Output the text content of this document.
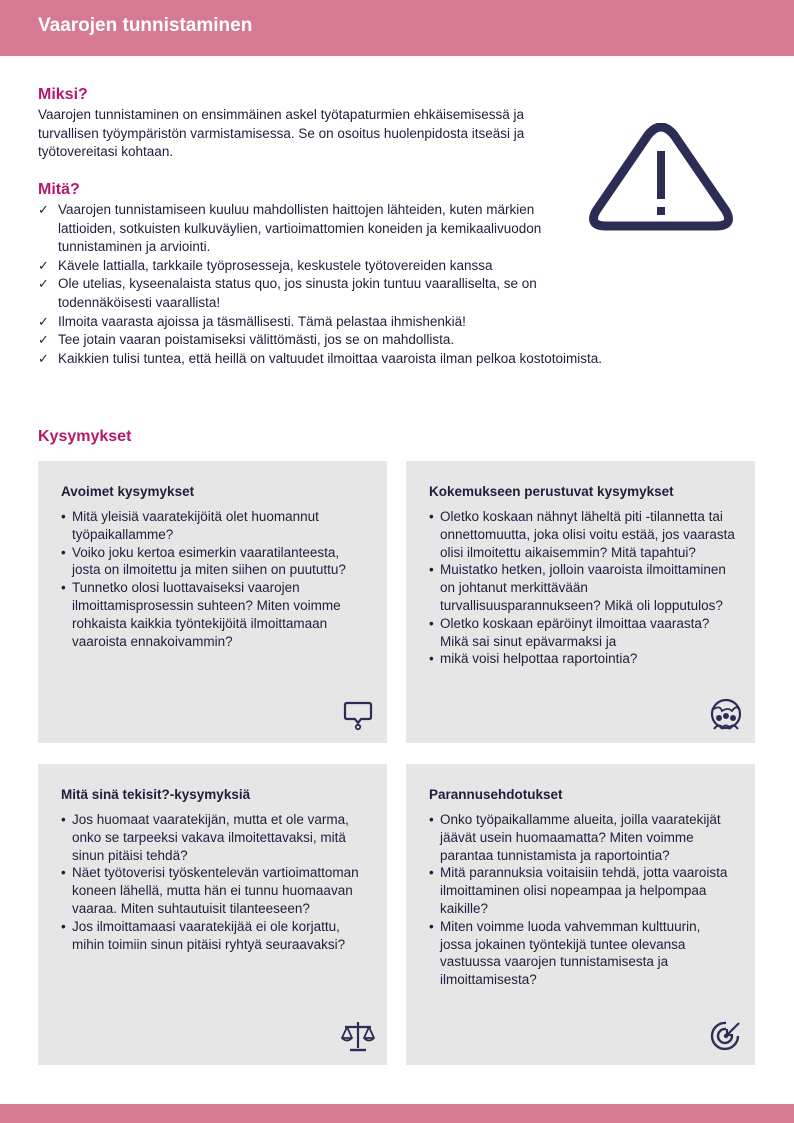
Vaarojen tunnistaminen
Miksi?

Vaarojen tunnistaminen on ensimmäinen askel työtapaturmien ehkäisemisessä ja turvallisen työympäristön varmistamisessa. Se on osoitus huolenpidosta itseäsi ja työtovereitasi kohtaan.

Mitä?
✓ Vaarojen tunnistamiseen kuuluu mahdollisten haittojen lähteiden, kuten märkien lattioiden, sotkuisten kulkuväylien, vartioimattomien koneiden ja kemikaalivuodon tunnistaminen ja arviointi.
✓ Kävele lattialla, tarkkaile työprosesseja, keskustele työtovereiden kanssa
✓ Ole utelias, kyseenalaista status quo, jos sinusta jokin tuntuu vaaralliselta, se on todennäköisesti vaarallista!
✓ Ilmoita vaarasta ajoissa ja täsmällisesti. Tämä pelastaa ihmishenkiä!
✓ Tee jotain vaaran poistamiseksi välittömästi, jos se on mahdollista.
✓ Kaikkien tulisi tuntea, että heillä on valtuudet ilmoittaa vaaroista ilman pelkoa kostotoimista.
Kysymykset
Avoimet kysymykset
• Mitä yleisiä vaaratekijöitä olet huomannut työpaikallamme?
• Voiko joku kertoa esimerkin vaaratilanteesta, josta on ilmoitettu ja miten siihen on puututtu?
• Tunnetko olosi luottavaiseksi vaarojen ilmoittamisprosessin suhteen? Miten voimme rohkaista kaikkia työntekijöitä ilmoittamaan vaaroista ennakoivammin?
Kokemukseen perustuvat kysymykset
• Oletko koskaan nähnyt läheltä piti -tilannetta tai onnettomuutta, joka olisi voitu estää, jos vaarasta olisi ilmoitettu aikaisemmin? Mitä tapahtui?
• Muistatko hetken, jolloin vaaroista ilmoittaminen on johtanut merkittävään turvallisuusparannukseen? Mikä oli lopputulos?
• Oletko koskaan epäröinyt ilmoittaa vaarasta? Mikä sai sinut epävarmaksi ja
• mikä voisi helpottaa raportointia?
Mitä sinä tekisit?-kysymyksiä
• Jos huomaat vaaratekijän, mutta et ole varma, onko se tarpeeksi vakava ilmoitettavaksi, mitä sinun pitäisi tehdä?
• Näet työtoverisi työskentelevän vartioimattoman koneen lähellä, mutta hän ei tunnu huomaavan vaaraa. Miten suhtautuisit tilanteeseen?
• Jos ilmoittamaasi vaaratekijää ei ole korjattu, mihin toimiin sinun pitäisi ryhtyä seuraavaksi?
Parannusehdotukset
• Onko työpaikallamme alueita, joilla vaaratekijät jäävät usein huomaamatta? Miten voimme parantaa tunnistamista ja raportointia?
• Mitä parannuksia voitaisiin tehdä, jotta vaaroista ilmoittaminen olisi nopeampaa ja helpompaa kaikille?
• Miten voimme luoda vahvemman kulttuurin, jossa jokainen työntekijä tuntee olevansa vastuussa vaarojen tunnistamisesta ja ilmoittamisesta?
